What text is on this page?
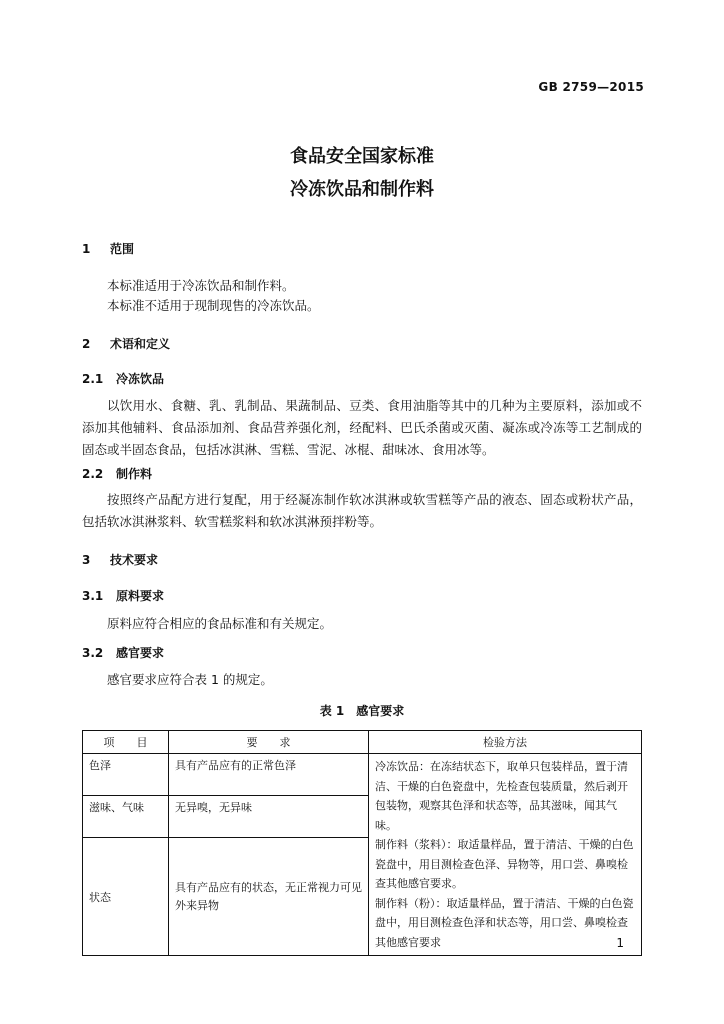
GB 2759—2015
食品安全国家标准
冷冻饮品和制作料
1 范围
本标准适用于冷冻饮品和制作料。
本标准不适用于现制现售的冷冻饮品。
2 术语和定义
2.1 冷冻饮品
以饮用水、食糖、乳、乳制品、果蔬制品、豆类、食用油脂等其中的几种为主要原料，添加或不添加其他辅料、食品添加剂、食品营养强化剂，经配料、巴氏杀菌或灭菌、凝冻或冷冻等工艺制成的固态或半固态食品，包括冰淇淋、雪糕、雪泥、冰棍、甜味冰、食用冰等。
2.2 制作料
按照终产品配方进行复配，用于经凝冻制作软冰淇淋或软雪糕等产品的液态、固态或粉状产品，包括软冰淇淋浆料、软雪糕浆料和软冰淇淋预拌粉等。
3 技术要求
3.1 原料要求
原料应符合相应的食品标准和有关规定。
3.2 感官要求
感官要求应符合表 1 的规定。
表 1　感官要求
项　　目	要　　求	检验方法
色泽	具有产品应有的正常色泽	冷冻饮品：在冻结状态下，取单只包装样品，置于清洁、干燥的白色瓷盘中，先检查包装质量，然后剥开包装物，观察其色泽和状态等，品其滋味，闻其气味。
制作料（浆料）：取适量样品，置于清洁、干燥的白色瓷盘中，用目测检查色泽、异物等，用口尝、鼻嗅检查其他感官要求。
制作料（粉）：取适量样品，置于清洁、干燥的白色瓷盘中，用目测检查色泽和状态等，用口尝、鼻嗅检查其他感官要求

滋味、气味	无异嗅，无异味	
状态	具有产品应有的状态，无正常视力可见外来异物	
1
